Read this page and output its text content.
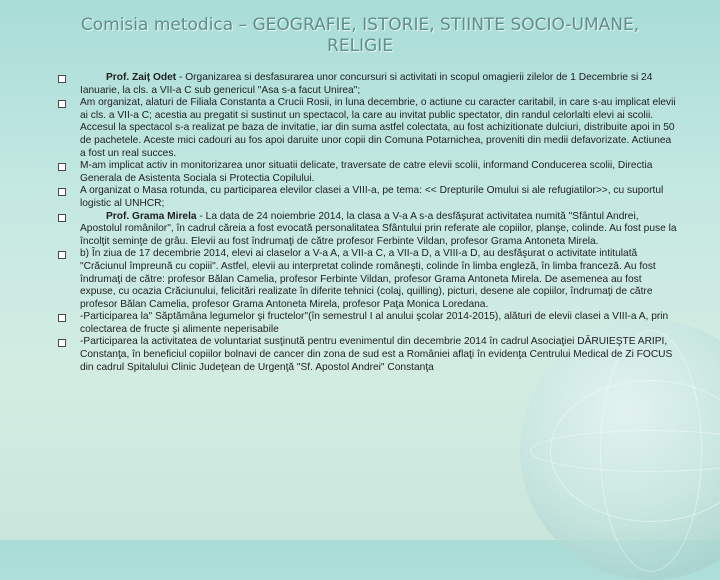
Comisia metodica – GEOGRAFIE, ISTORIE, STIINTE SOCIO-UMANE, RELIGIE
Prof. Zaiț Odet - Organizarea si desfasurarea unor concursuri si activitati in scopul omagierii zilelor de 1 Decembrie si 24 Ianuarie, la cls. a VII-a C sub genericul "Asa s-a facut Unirea";
Am organizat, alaturi de Filiala Constanta a Crucii Rosii, in luna decembrie, o actiune cu caracter caritabil, in care s-au implicat elevii ai cls. a VII-a C; acestia au pregatit si sustinut un spectacol, la care au invitat public spectator, din randul celorlalti elevi ai scolii. Accesul la spectacol s-a realizat pe baza de invitatie, iar din suma astfel colectata, au fost achizitionate dulciuri, distribuite apoi in 50 de pachetele. Aceste mici cadouri au fos apoi daruite unor copii din Comuna Potarnichea, proveniti din medii defavorizate. Actiunea a fost un real succes.
M-am implicat activ in monitorizarea unor situatii delicate, traversate de catre elevii scolii, informand Conducerea scolii, Directia Generala de Asistenta Sociala si Protectia Copilului.
A organizat o Masa rotunda, cu participarea elevilor clasei a VIII-a, pe tema: << Drepturile Omului si ale refugiatilor>>, cu suportul logistic al UNHCR;
Prof. Grama Mirela - La data de 24 noiembrie 2014, la clasa a V-a A s-a desfăşurat activitatea numită "Sfântul Andrei, Apostolul românilor", în cadrul căreia a fost evocată personalitatea Sfântului prin referate ale copiilor, planşe, colinde. Au fost puse la încolţit seminţe de grâu. Elevii au fost îndrumaţi de către profesor Ferbinte Vildan, profesor Grama Antoneta Mirela.
b) În ziua de 17 decembrie 2014, elevi ai claselor a V-a A, a VII-a C, a VII-a D, a VIII-a D, au desfăşurat o activitate intitulată "Crăciunul împreună cu copiii". Astfel, elevii au interpretat colinde româneşti, colinde în limba engleză, în limba franceză. Au fost îndrumaţi de către: profesor Bălan Camelia, profesor Ferbinte Vildan, profesor Grama Antoneta Mirela. De asemenea au fost expuse, cu ocazia Crăciunului, felicitări realizate în diferite tehnici (colaj, quilling), picturi, desene ale copiilor, îndrumaţi de către profesor Bălan Camelia, profesor Grama Antoneta Mirela, profesor Paţa Monica Loredana.
-Participarea la" Săptămâna legumelor şi fructelor"(în semestrul I al anului şcolar 2014-2015), alături de elevii clasei a VIII-a A, prin colectarea de fructe şi alimente neperisabile
-Participarea la activitatea de voluntariat susţinută pentru evenimentul din decembrie 2014 în cadrul Asociaţiei DĂRUIEŞTE ARIPI, Constanţa, în beneficiul copiilor bolnavi de cancer din zona de sud est a României aflaţi în evidenţa Centrului Medical de Zi FOCUS din cadrul Spitalului Clinic Judeţean de Urgenţă "Sf. Apostol Andrei" Constanţa
